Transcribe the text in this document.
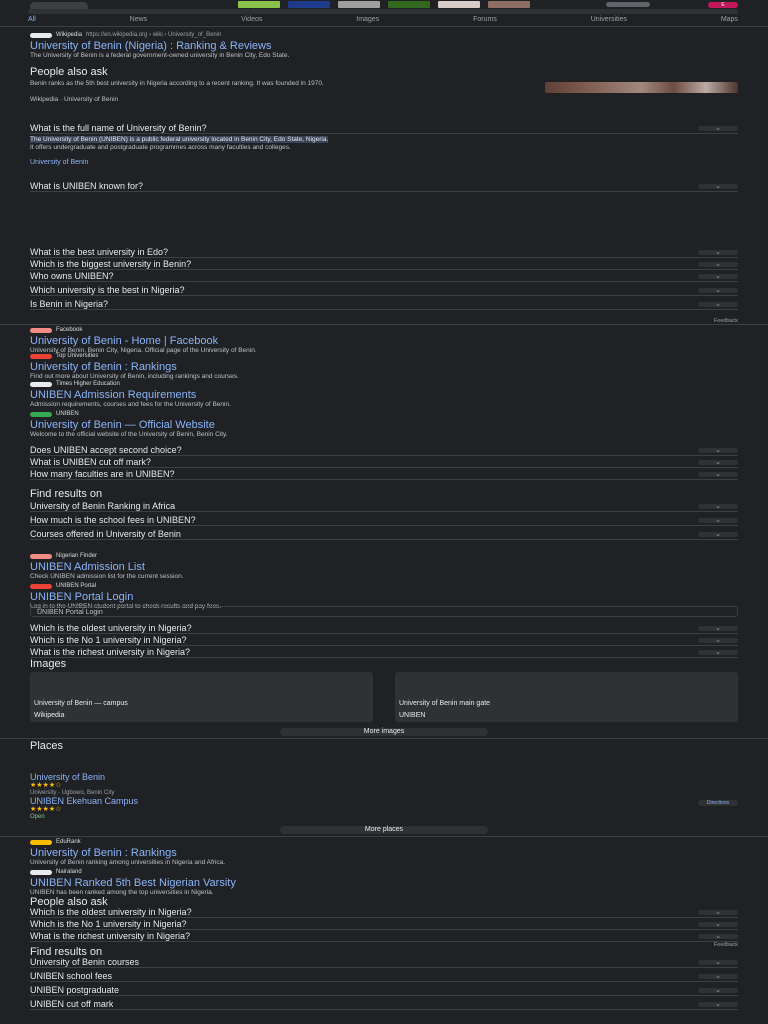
E
All	News	Videos	Images	Forums	Universities	Maps
Wikipedia https://en.wikipedia.org › wiki › University_of_Benin
University of Benin (Nigeria) : Ranking & Reviews
The University of Benin is a federal government-owned university in Benin City, Edo State.
People also ask
Benin ranks as the 5th best university in Nigeria according to a recent ranking. It was founded in 1970.
Wikipedia · University of Benin
What is the full name of University of Benin?	⌄
The University of Benin (UNIBEN) is a public federal university located in Benin City, Edo State, Nigeria.
It offers undergraduate and postgraduate programmes across many faculties and colleges.
University of Benin
What is UNIBEN known for?	⌄
What is the best university in Edo?	⌄
Which is the biggest university in Benin?	⌄
Who owns UNIBEN?	⌄
Which university is the best in Nigeria?	⌄
Is Benin in Nigeria?	⌄
Feedback
Facebook
University of Benin - Home | Facebook
University of Benin, Benin City, Nigeria. Official page of the University of Benin.
Top Universities
University of Benin : Rankings
Find out more about University of Benin, including rankings and courses.
Times Higher Education
UNIBEN Admission Requirements
Admission requirements, courses and fees for the University of Benin.
UNIBEN
University of Benin — Official Website
Welcome to the official website of the University of Benin, Benin City.
Does UNIBEN accept second choice?	⌄
What is UNIBEN cut off mark?	⌄
How many faculties are in UNIBEN?	⌄
Find results on
University of Benin Ranking in Africa	⌄
How much is the school fees in UNIBEN?	⌄
Courses offered in University of Benin	⌄
Nigerian Finder
UNIBEN Admission List
Check UNIBEN admission list for the current session.
UNIBEN Portal
UNIBEN Portal Login
Log in to the UNIBEN student portal to check results and pay fees.
UNIBEN Portal Login
Which is the oldest university in Nigeria?	⌄
Which is the No 1 university in Nigeria?	⌄
What is the richest university in Nigeria?	⌄
Images
University of Benin — campus
Wikipedia
University of Benin main gate
UNIBEN
More images
Places
University of Benin
★★★★☆
University · Ugbowo, Benin City
Directions
UNIBEN Ekehuan Campus
★★★★☆
Open
More places
EduRank
University of Benin : Rankings
University of Benin ranking among universities in Nigeria and Africa.
Nairaland
UNIBEN Ranked 5th Best Nigerian Varsity
UNIBEN has been ranked among the top universities in Nigeria.
People also ask
Which is the oldest university in Nigeria?	⌄
Which is the No 1 university in Nigeria?	⌄
What is the richest university in Nigeria?	⌄
Feedback
Find results on
University of Benin courses	⌄
UNIBEN school fees	⌄
UNIBEN postgraduate	⌄
UNIBEN cut off mark	⌄
